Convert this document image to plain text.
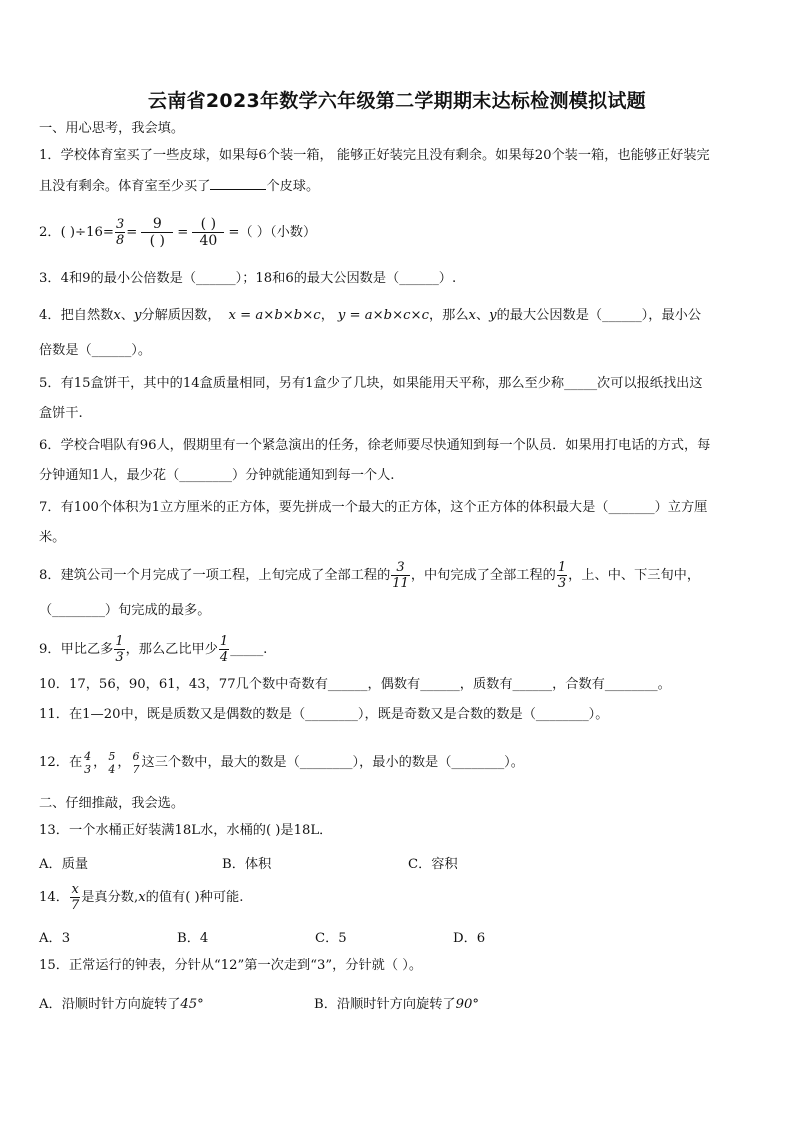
云南省2023年数学六年级第二学期期末达标检测模拟试题
一、用心思考，我会填。
1．学校体育室买了一些皮球，如果每6个装一箱， 能够正好装完且没有剩余。如果每20个装一箱，也能够正好装完
且没有剩余。体育室至少买了	个皮球。
2．( )$\div 16= \frac{3}{8} = \frac{9}{( )} = \frac{( )}{40}$ =（ ）（小数）
3．4和9的最小公倍数是（______）；18和6的最大公因数是（______）.
4．把自然数x、y分解质因数， x = a×b×b×c， y = a×b×c×c，那么x、y的最大公因数是（______），最小公
倍数是（______）。
5．有15盒饼干，其中的14盒质量相同，另有1盒少了几块，如果能用天平称，那么至少称_____次可以报纸找出这
盒饼干.
6．学校合唱队有96人，假期里有一个紧急演出的任务，徐老师要尽快通知到每一个队员．如果用打电话的方式，每
分钟通知1人，最少花（________）分钟就能通知到每一个人.
7．有100个体积为1立方厘米的正方体，要先拼成一个最大的正方体，这个正方体的体积最大是（_______）立方厘
米。
8．建筑公司一个月完成了一项工程，上旬完成了全部工程的 $\frac{3}{11}$ ，中旬完成了全部工程的 $\frac{1}{3}$ ，上、中、下三旬中，
（________）旬完成的最多。
9．甲比乙多 $\frac{1}{3}$ ，那么乙比甲少 $\frac{1}{4}$ _____.
10．17，56，90，61，43，77几个数中奇数有______，偶数有______，质数有______，合数有________。
11．在1—20中，既是质数又是偶数的数是（________），既是奇数又是合数的数是（________）。
12．在 4
3 ， 5
4 ， 6
7 这三个数中，最大的数是（________），最小的数是（________）。
二、仔细推敲，我会选。
13．一个水桶正好装满18L水，水桶的( )是18L．
A．质量	B．体积	C．容积
14． $\frac{x}{7}$ 是真分数,x的值有( )种可能.
A．3	B．4	C．5	D．6
15．正常运行的钟表，分针从“12”第一次走到“3”，分针就（ ）。
A．沿顺时针方向旋转了45°	B．沿顺时针方向旋转了90°
